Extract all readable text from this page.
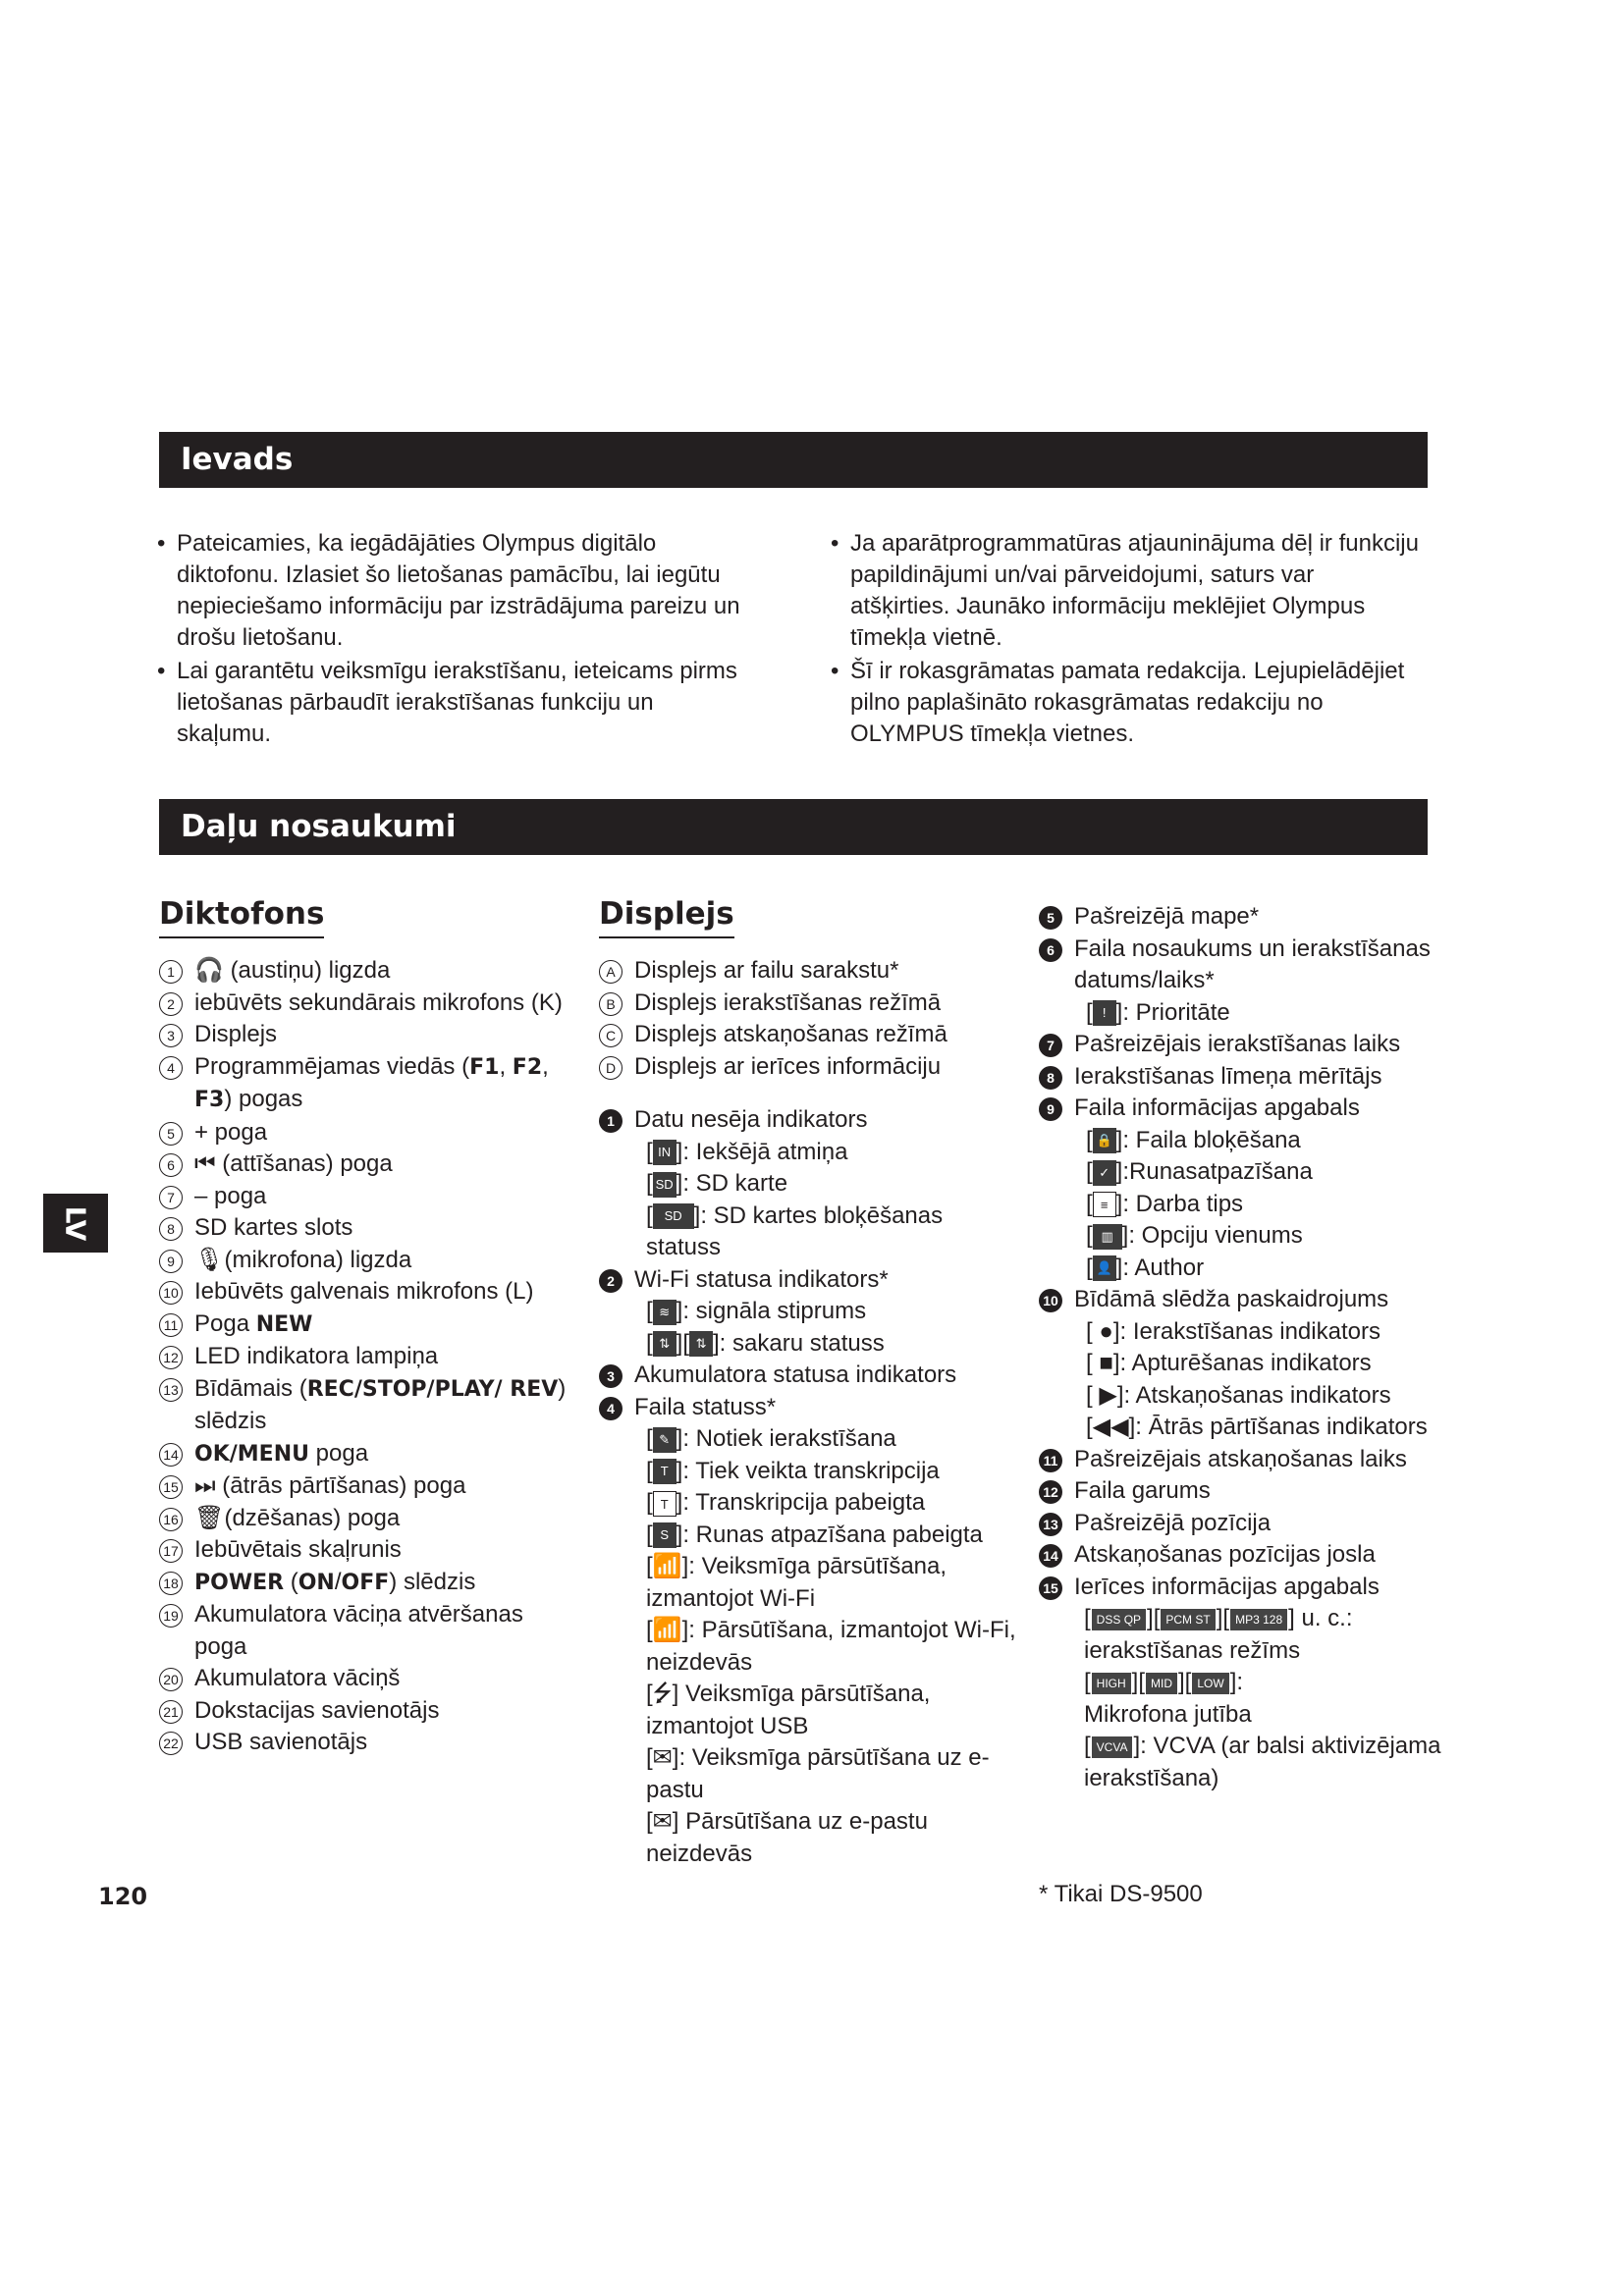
Ievads
• Pateicamies, ka iegādājāties Olympus digitālo diktofonu. Izlasiet šo lietošanas pamācību, lai iegūtu nepieciešamo informāciju par izstrādājuma pareizu un drošu lietošanu.
• Lai garantētu veiksmīgu ierakstīšanu, ieteicams pirms lietošanas pārbaudīt ierakstīšanas funkciju un skaļumu.
• Ja aparātprogrammatūras atjauninājuma dēļ ir funkciju papildinājumi un/vai pārveidojumi, saturs var atšķirties. Jaunāko informāciju meklējiet Olympus tīmekļa vietnē.
• Šī ir rokasgrāmatas pamata redakcija. Lejupielādējiet pilno paplašināto rokasgrāmatas redakciju no OLYMPUS tīmekļa vietnes.
Daļu nosaukumi
LV
Diktofons
1 🎧 (austiņu) ligzda
2 iebūvēts sekundārais mikrofons (K)
3 Displejs
4 Programmējamas viedās (F1, F2, F3) pogas
5 + poga
6 ⏮ (attīšanas) poga
7 – poga
8 SD kartes slots
9 🎙(mikrofona) ligzda
10 Iebūvēts galvenais mikrofons (L)
11 Poga NEW
12 LED indikatora lampiņa
13 Bīdāmais (REC/STOP/PLAY/ REV) slēdzis
14 OK/MENU poga
15 ⏭ (ātrās pārtīšanas) poga
16 🗑(dzēšanas) poga
17 Iebūvētais skaļrunis
18 POWER (ON/OFF) slēdzis
19 Akumulatora vāciņa atvēršanas poga
20 Akumulatora vāciņš
21 Dokstacijas savienotājs
22 USB savienotājs
120
Displejs
A Displejs ar failu sarakstu*
B Displejs ierakstīšanas režīmā
C Displejs atskaņošanas režīmā
D Displejs ar ierīces informāciju
1 Datu nesēja indikators
[ IN ]: Iekšējā atmiņa
[ SD ]: SD karte
[ SD ]: SD kartes bloķēšanas statuss
2 Wi-Fi statusa indikators*
[ ≋ ]: signāla stiprums
[ ⇅ ][ ⇅ ]: sakaru statuss
3 Akumulatora statusa indikators
4 Faila statuss*
[ ✎ ]: Notiek ierakstīšana
[ T ]: Tiek veikta transkripcija
[ T ]: Transkripcija pabeigta
[ S ]: Runas atpazīšana pabeigta
[📶]: Veiksmīga pārsūtīšana, izmantojot Wi-Fi
[📶]: Pārsūtīšana, izmantojot Wi-Fi, neizdevās
[⭍] Veiksmīga pārsūtīšana, izmantojot USB
[✉]: Veiksmīga pārsūtīšana uz e-pastu
[✉] Pārsūtīšana uz e-pastu neizdevās
5 Pašreizējā mape*
6 Faila nosaukums un ierakstīšanas datums/laiks*
[ ! ]: Prioritāte
7 Pašreizējais ierakstīšanas laiks
8 Ierakstīšanas līmeņa mērītājs
9 Faila informācijas apgabals
[ 🔒 ]: Faila bloķēšana
[ ✓ ]:Runasatpazīšana
[ ≡ ]: Darba tips
[ ▥ ]: Opciju vienums
[ 👤 ]: Author
10 Bīdāmā slēdža paskaidrojums
[ ●]: Ierakstīšanas indikators
[ ■]: Apturēšanas indikators
[ ▶]: Atskaņošanas indikators
[◀◀]: Ātrās pārtīšanas indikators
11 Pašreizējais atskaņošanas laiks
12 Faila garums
13 Pašreizējā pozīcija
14 Atskaņošanas pozīcijas josla
15 Ierīces informācijas apgabals
[ DSS QP ][ PCM ST ][ MP3 128 ] u. c.:
ierakstīšanas režīms
[ HIGH ][ MID ][ LOW ]:
Mikrofona jutība
[ VCVA ]: VCVA (ar balsi aktivizējama ierakstīšana)
* Tikai DS-9500
